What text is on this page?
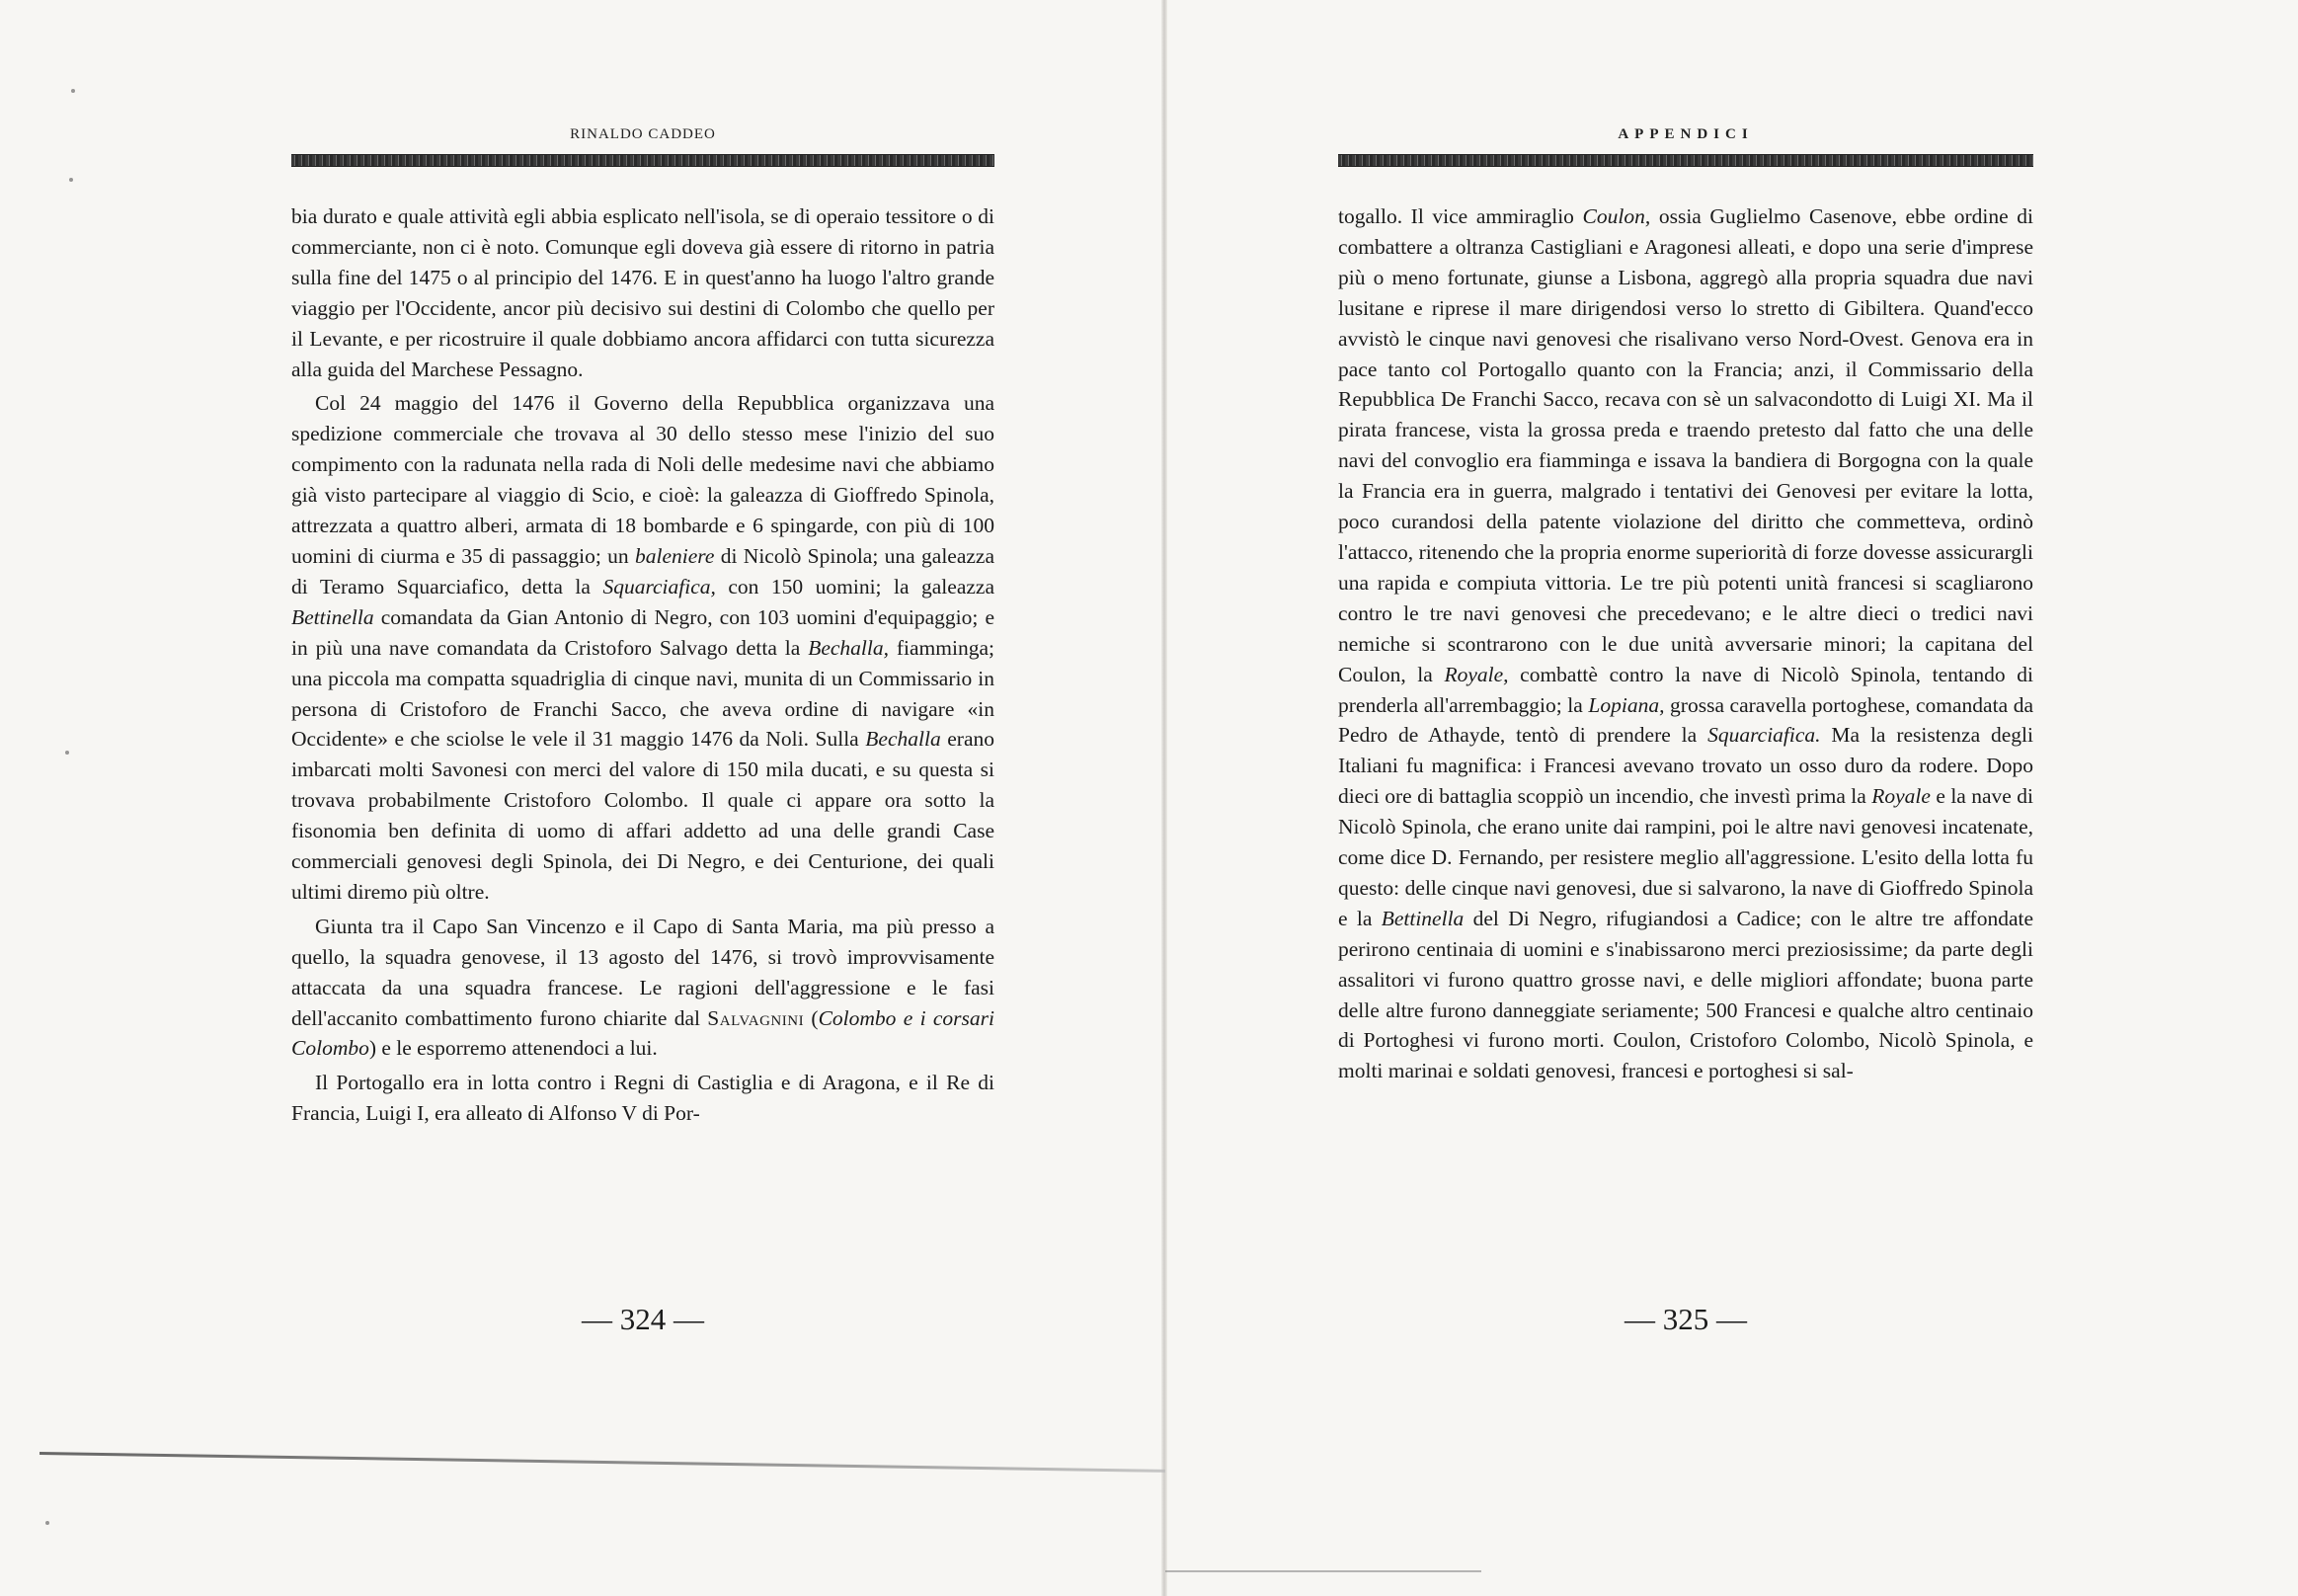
RINALDO CADDEO

bia durato e quale attività egli abbia esplicato nell'isola, se di operaio tessitore o di commerciante, non ci è noto. Comunque egli doveva già essere di ritorno in patria sulla fine del 1475 o al principio del 1476. E in quest'anno ha luogo l'altro grande viaggio per l'Occidente, ancor più decisivo sui destini di Colombo che quello per il Levante, e per ricostruire il quale dobbiamo ancora affidarci con tutta sicurezza alla guida del Marchese Pessagno.

Col 24 maggio del 1476 il Governo della Repubblica organizzava una spedizione commerciale che trovava al 30 dello stesso mese l'inizio del suo compimento con la radunata nella rada di Noli delle medesime navi che abbiamo già visto partecipare al viaggio di Scio, e cioè: la galeazza di Gioffredo Spinola, attrezzata a quattro alberi, armata di 18 bombarde e 6 spingarde, con più di 100 uomini di ciurma e 35 di passaggio; un baleniere di Nicolò Spinola; una galeazza di Teramo Squarciafico, detta la Squarciafica, con 150 uomini; la galeazza Bettinella comandata da Gian Antonio di Negro, con 103 uomini d'equipaggio; e in più una nave comandata da Cristoforo Salvago detta la Bechalla, fiamminga; una piccola ma compatta squadriglia di cinque navi, munita di un Commissario in persona di Cristoforo de Franchi Sacco, che aveva ordine di navigare «in Occidente» e che sciolse le vele il 31 maggio 1476 da Noli. Sulla Bechalla erano imbarcati molti Savonesi con merci del valore di 150 mila ducati, e su questa si trovava probabilmente Cristoforo Colombo. Il quale ci appare ora sotto la fisonomia ben definita di uomo di affari addetto ad una delle grandi Case commerciali genovesi degli Spinola, dei Di Negro, e dei Centurione, dei quali ultimi diremo più oltre.

Giunta tra il Capo San Vincenzo e il Capo di Santa Maria, ma più presso a quello, la squadra genovese, il 13 agosto del 1476, si trovò improvvisamente attaccata da una squadra francese. Le ragioni dell'aggressione e le fasi dell'accanito combattimento furono chiarite dal Salvagnini (Colombo e i corsari Colombo) e le esporremo attenendoci a lui.

Il Portogallo era in lotta contro i Regni di Castiglia e di Aragona, e il Re di Francia, Luigi I, era alleato di Alfonso V di Por-

— 324 —
APPENDICI

togallo. Il vice ammiraglio Coulon, ossia Guglielmo Casenove, ebbe ordine di combattere a oltranza Castigliani e Aragonesi alleati, e dopo una serie d'imprese più o meno fortunate, giunse a Lisbona, aggregò alla propria squadra due navi lusitane e riprese il mare dirigendosi verso lo stretto di Gibiltera. Quand'ecco avvistò le cinque navi genovesi che risalivano verso Nord-Ovest. Genova era in pace tanto col Portogallo quanto con la Francia; anzi, il Commissario della Repubblica De Franchi Sacco, recava con sè un salvacondotto di Luigi XI. Ma il pirata francese, vista la grossa preda e traendo pretesto dal fatto che una delle navi del convoglio era fiamminga e issava la bandiera di Borgogna con la quale la Francia era in guerra, malgrado i tentativi dei Genovesi per evitare la lotta, poco curandosi della patente violazione del diritto che commetteva, ordinò l'attacco, ritenendo che la propria enorme superiorità di forze dovesse assicurargli una rapida e compiuta vittoria. Le tre più potenti unità francesi si scagliarono contro le tre navi genovesi che precedevano; e le altre dieci o tredici navi nemiche si scontrarono con le due unità avversarie minori; la capitana del Coulon, la Royale, combattè contro la nave di Nicolò Spinola, tentando di prenderla all'arrembaggio; la Lopiana, grossa caravella portoghese, comandata da Pedro de Athayde, tentò di prendere la Squarciafica. Ma la resistenza degli Italiani fu magnifica: i Francesi avevano trovato un osso duro da rodere. Dopo dieci ore di battaglia scoppiò un incendio, che investì prima la Royale e la nave di Nicolò Spinola, che erano unite dai rampini, poi le altre navi genovesi incatenate, come dice D. Fernando, per resistere meglio all'aggressione. L'esito della lotta fu questo: delle cinque navi genovesi, due si salvarono, la nave di Gioffredo Spinola e la Bettinella del Di Negro, rifugiandosi a Cadice; con le altre tre affondate perirono centinaia di uomini e s'inabissarono merci preziosissime; da parte degli assalitori vi furono quattro grosse navi, e delle migliori affondate; buona parte delle altre furono danneggiate seriamente; 500 Francesi e qualche altro centinaio di Portoghesi vi furono morti. Coulon, Cristoforo Colombo, Nicolò Spinola, e molti marinai e soldati genovesi, francesi e portoghesi si sal-

— 325 —
